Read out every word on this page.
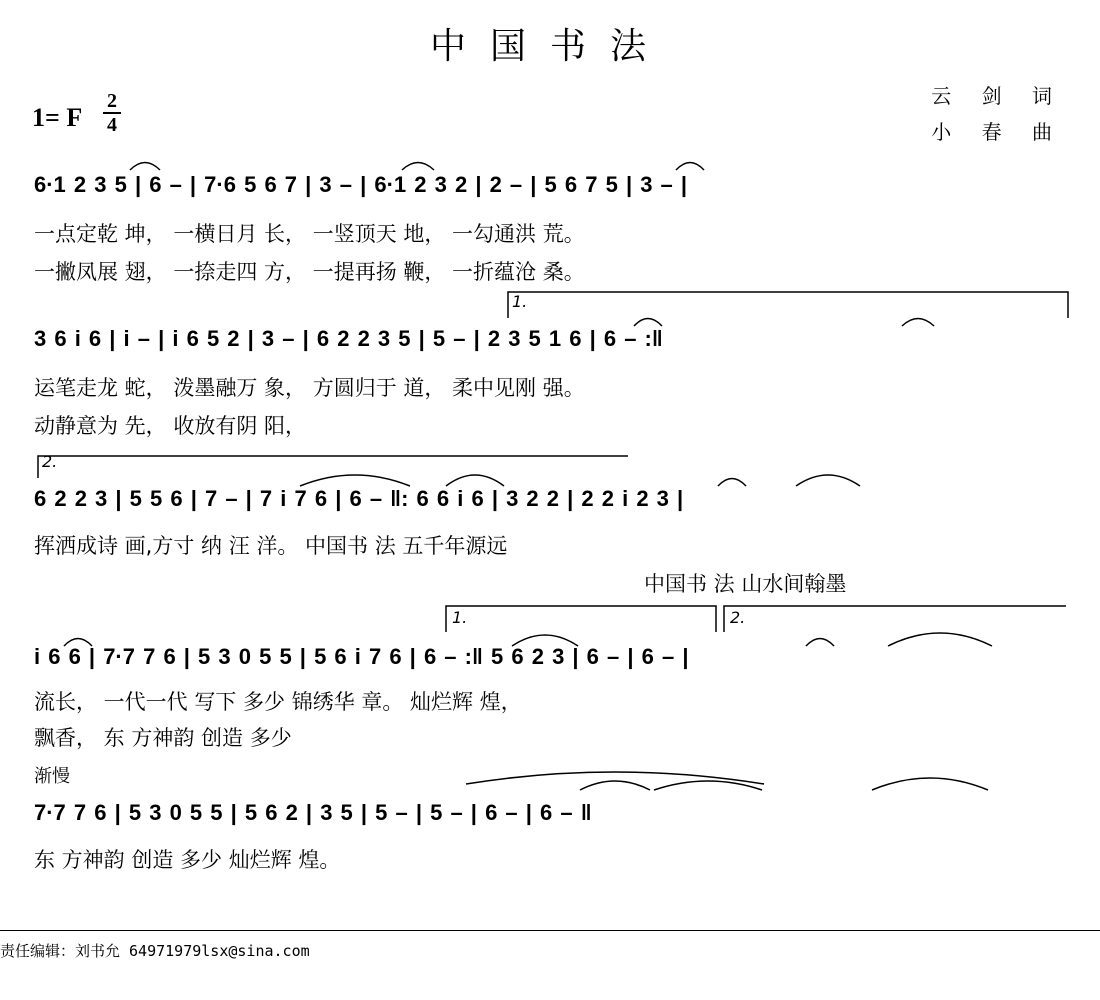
中国书法
1= F
2
4
云 剑 词
小 春 曲
6·1 2 3 5 | 6 – | 7·6 5 6 7 | 3 – | 6·1 2 3 2 | 2 – | 5 6 7 5 | 3 – |
一点定乾 坤， 一横日月 长， 一竖顶天 地， 一勾通洪 荒。
一撇凤展 翅， 一捺走四 方， 一提再扬 鞭， 一折蕴沧 桑。
1.
3 6 i 6 | i – | i 6 5 2 | 3 – | 6 2 2 3 5 | 5 – | 2 3 5 1 6 | 6 – :‖
运笔走龙 蛇， 泼墨融万 象， 方圆归于 道， 柔中见刚 强。
动静意为 先， 收放有阴 阳，
2.
6 2 2 3 | 5 5 6 | 7 – | 7 i 7 6 | 6 – ‖: 6 6 i 6 | 3 2 2 | 2 2 i 2 3 |
挥洒成诗 画,方寸 纳 汪 洋。 中国书 法 五千年源远
中国书 法 山水间翰墨
1.	2.
i 6 6 | 7·7 7 6 | 5 3 0 5 5 | 5 6 i 7 6 | 6 – :‖ 5 6 2 3 | 6 – | 6 – |
流长， 一代一代 写下 多少 锦绣华 章。 灿烂辉 煌，
飘香， 东 方神韵 创造 多少
渐慢
7·7 7 6 | 5 3 0 5 5 | 5 6 2 | 3 5 | 5 – | 5 – | 6 – | 6 – ‖
东 方神韵 创造 多少 灿烂辉 煌。
责任编辑：刘书允 64971979lsx@sina.com
